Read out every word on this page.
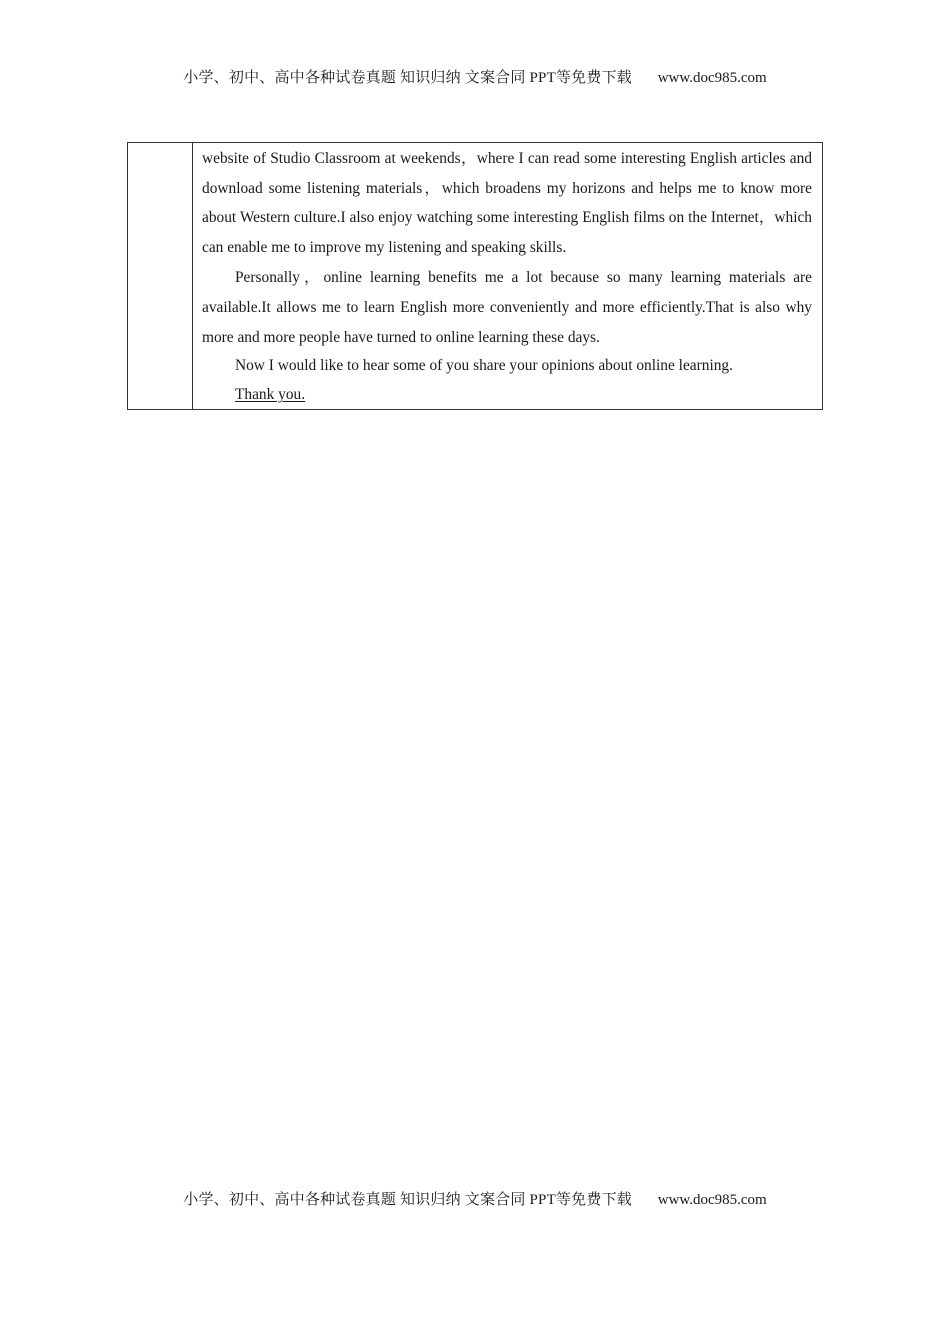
小学、初中、高中各种试卷真题 知识归纳 文案合同 PPT等免费下载 www.doc985.com

website of Studio Classroom at weekends，where I can read some interesting English articles and download some listening materials，which broadens my horizons and helps me to know more about Western culture.I also enjoy watching some interesting English films on the Internet，which can enable me to improve my listening and speaking skills.

Personally，online learning benefits me a lot because so many learning materials are available.It allows me to learn English more conveniently and more efficiently.That is also why more and more people have turned to online learning these days.

Now I would like to hear some of you share your opinions about online learning.

Thank you.

小学、初中、高中各种试卷真题 知识归纳 文案合同 PPT等免费下载 www.doc985.com
